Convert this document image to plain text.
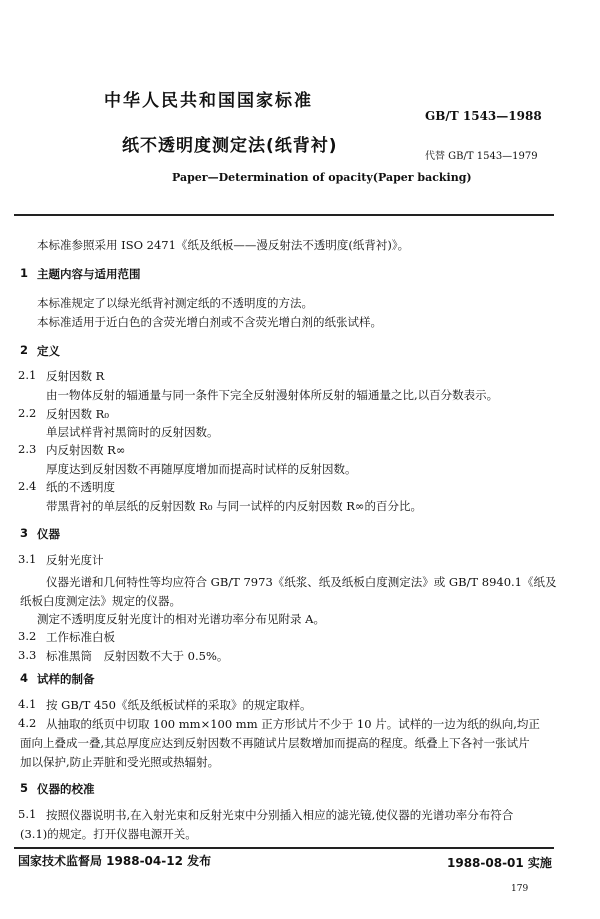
中华人民共和国国家标准
GB/T 1543—1988
纸不透明度测定法(纸背衬)
代替 GB/T 1543—1979
Paper—Determination of opacity(Paper backing)
本标准参照采用 ISO 2471《纸及纸板——漫反射法不透明度(纸背衬)》。
1 主题内容与适用范围
本标准规定了以绿光纸背衬测定纸的不透明度的方法。
本标准适用于近白色的含荧光增白剂或不含荧光增白剂的纸张试样。
2 定义
2.1 反射因数 R
由一物体反射的辐通量与同一条件下完全反射漫射体所反射的辐通量之比,以百分数表示。
2.2 反射因数 R₀
单层试样背衬黑筒时的反射因数。
2.3 内反射因数 R∞
厚度达到反射因数不再随厚度增加而提高时试样的反射因数。
2.4 纸的不透明度
带黑背衬的单层纸的反射因数 R₀ 与同一试样的内反射因数 R∞的百分比。
3 仪器
3.1 反射光度计
仪器光谱和几何特性等均应符合 GB/T 7973《纸浆、纸及纸板白度测定法》或 GB/T 8940.1《纸及
纸板白度测定法》规定的仪器。
测定不透明度反射光度计的相对光谱功率分布见附录 A。
3.2 工作标准白板
3.3 标准黑筒　反射因数不大于 0.5%。
4 试样的制备
4.1 按 GB/T 450《纸及纸板试样的采取》的规定取样。
4.2 从抽取的纸页中切取 100 mm×100 mm 正方形试片不少于 10 片。试样的一边为纸的纵向,均正
面向上叠成一叠,其总厚度应达到反射因数不再随试片层数增加而提高的程度。纸叠上下各衬一张试片
加以保护,防止弄脏和受光照或热辐射。
5 仪器的校准
5.1 按照仪器说明书,在入射光束和反射光束中分别插入相应的滤光镜,使仪器的光谱功率分布符合
(3.1)的规定。打开仪器电源开关。
国家技术监督局 1988-04-12 发布	1988-08-01 实施
179
